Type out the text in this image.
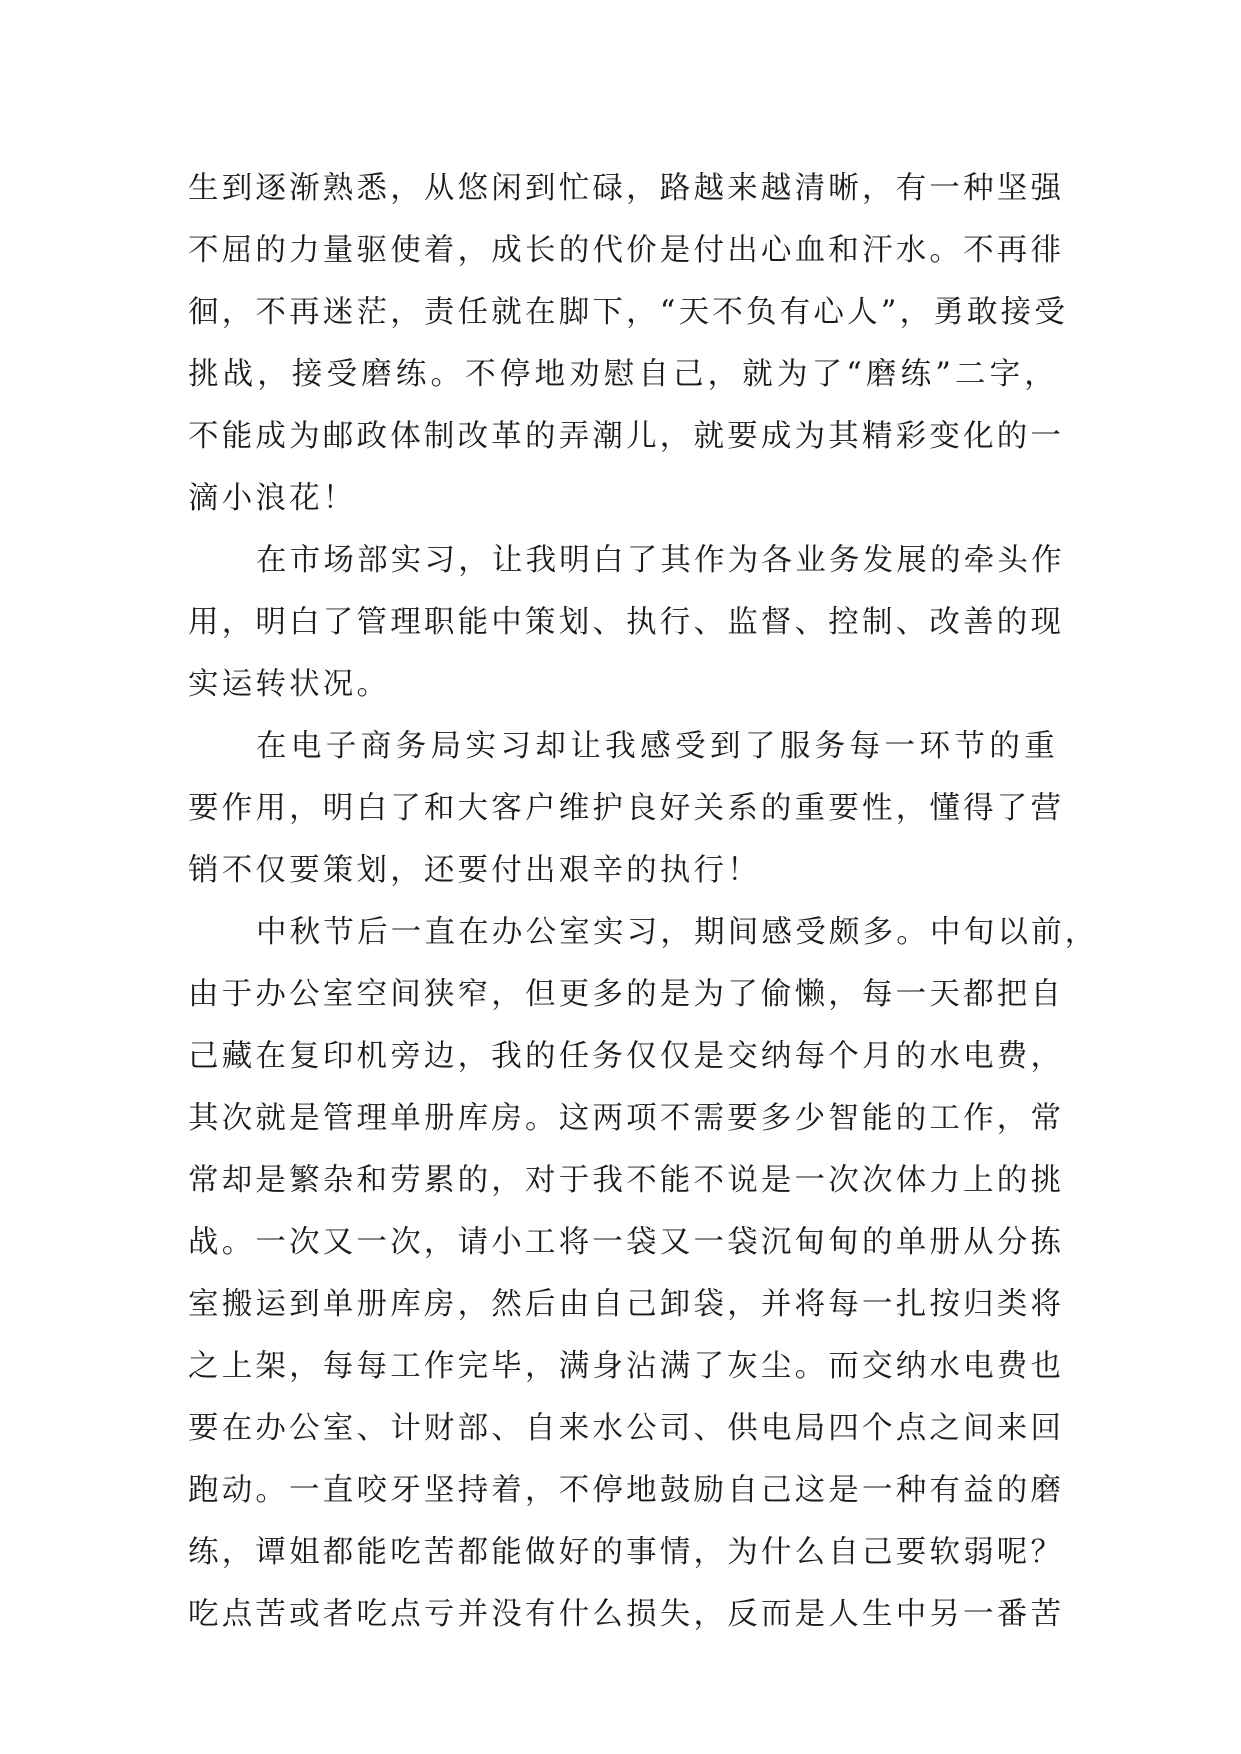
生到逐渐熟悉，从悠闲到忙碌，路越来越清晰，有一种坚强
不屈的力量驱使着，成长的代价是付出心血和汗水。不再徘
徊，不再迷茫，责任就在脚下，“天不负有心人”，勇敢接受
挑战，接受磨练。不停地劝慰自己，就为了“磨练”二字，
不能成为邮政体制改革的弄潮儿，就要成为其精彩变化的一
滴小浪花！
在市场部实习，让我明白了其作为各业务发展的牵头作
用，明白了管理职能中策划、执行、监督、控制、改善的现
实运转状况。
在电子商务局实习却让我感受到了服务每一环节的重
要作用，明白了和大客户维护良好关系的重要性，懂得了营
销不仅要策划，还要付出艰辛的执行！
中秋节后一直在办公室实习，期间感受颇多。中旬以前，
由于办公室空间狭窄，但更多的是为了偷懒，每一天都把自
己藏在复印机旁边，我的任务仅仅是交纳每个月的水电费，
其次就是管理单册库房。这两项不需要多少智能的工作，常
常却是繁杂和劳累的，对于我不能不说是一次次体力上的挑
战。一次又一次，请小工将一袋又一袋沉甸甸的单册从分拣
室搬运到单册库房，然后由自己卸袋，并将每一扎按归类将
之上架，每每工作完毕，满身沾满了灰尘。而交纳水电费也
要在办公室、计财部、自来水公司、供电局四个点之间来回
跑动。一直咬牙坚持着，不停地鼓励自己这是一种有益的磨
练，谭姐都能吃苦都能做好的事情，为什么自己要软弱呢？
吃点苦或者吃点亏并没有什么损失，反而是人生中另一番苦
